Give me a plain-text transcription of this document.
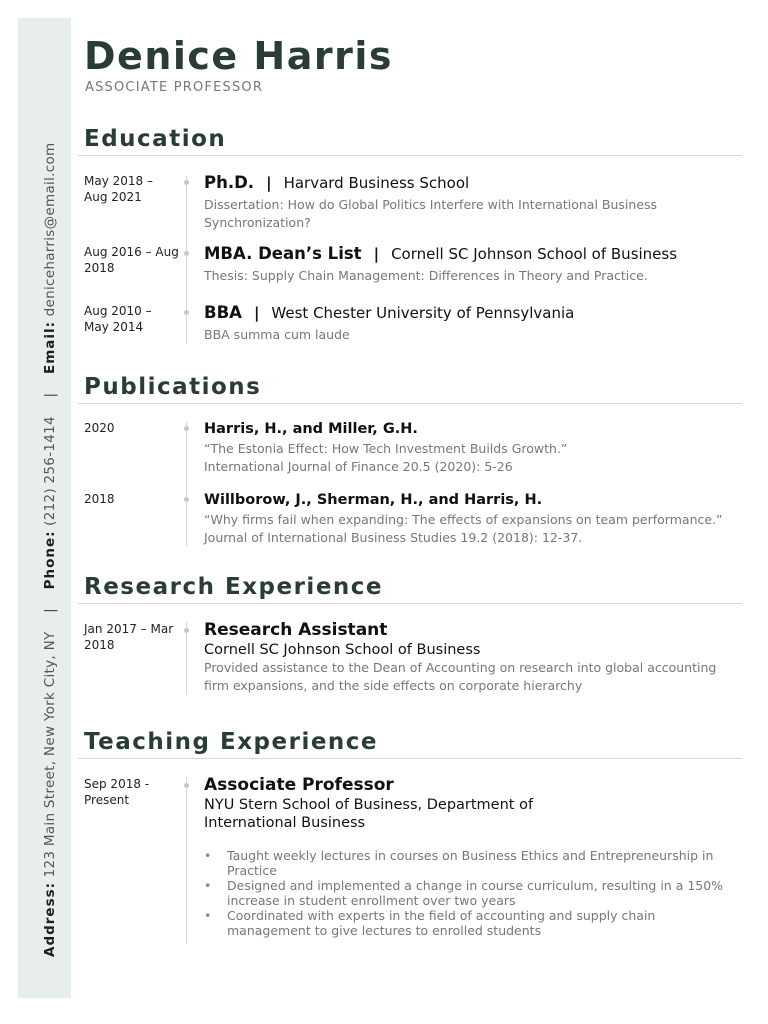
Address: 123 Main Street, New York City, NY | Phone: (212) 256-1414 | Email: deniceharris@email.com
Denice Harris
ASSOCIATE PROFESSOR
Education
May 2018 – Aug 2021
Ph.D. | Harvard Business School
Dissertation: How do Global Politics Interfere with International Business Synchronization?
Aug 2016 – Aug 2018
MBA. Dean’s List | Cornell SC Johnson School of Business
Thesis: Supply Chain Management: Differences in Theory and Practice.
Aug 2010 – May 2014
BBA | West Chester University of Pennsylvania
BBA summa cum laude
Publications
2020	Harris, H., and Miller, G.H.
“The Estonia Effect: How Tech Investment Builds Growth.”
International Journal of Finance 20.5 (2020): 5-26
2018	Willborow, J., Sherman, H., and Harris, H.
“Why firms fail when expanding: The effects of expansions on team performance.”
Journal of International Business Studies 19.2 (2018): 12-37.
Research Experience
Jan 2017 – Mar 2018
Research Assistant
Cornell SC Johnson School of Business
Provided assistance to the Dean of Accounting on research into global accounting firm expansions, and the side effects on corporate hierarchy
Teaching Experience
Sep 2018 - Present
Associate Professor
NYU Stern School of Business, Department of International Business
• Taught weekly lectures in courses on Business Ethics and Entrepreneurship in Practice
• Designed and implemented a change in course curriculum, resulting in a 150% increase in student enrollment over two years
• Coordinated with experts in the field of accounting and supply chain management to give lectures to enrolled students
